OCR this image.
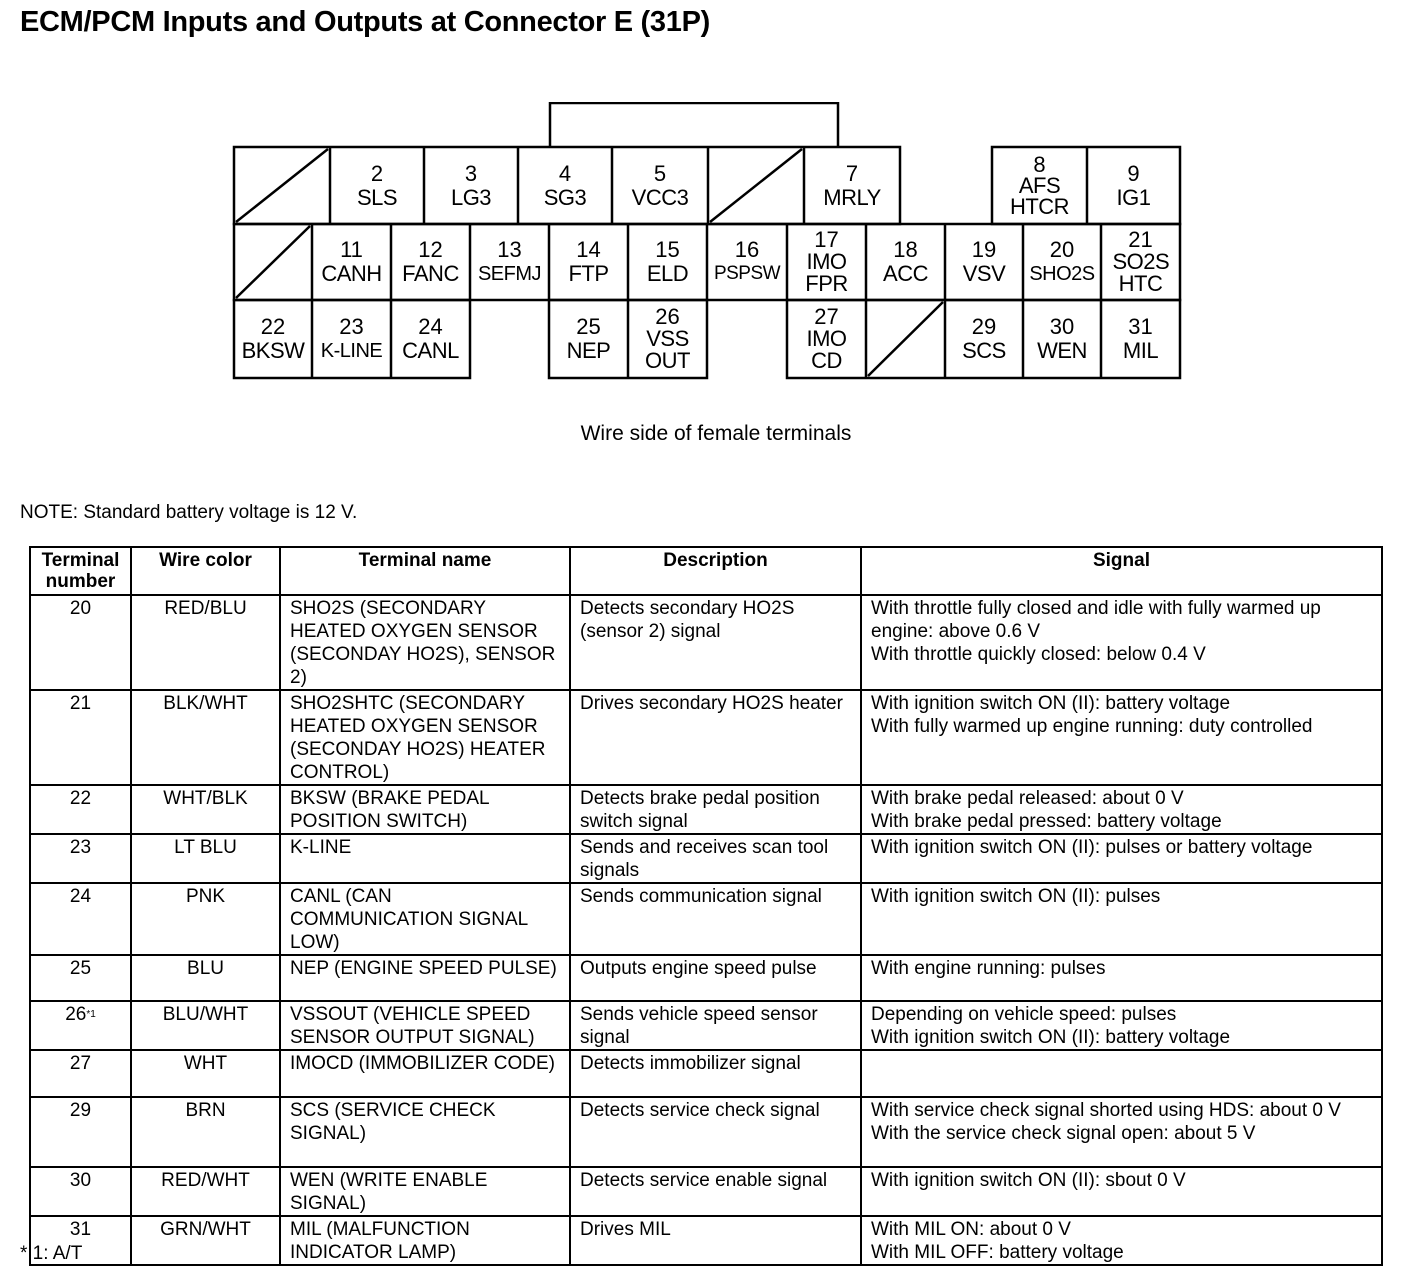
ECM/PCM Inputs and Outputs at Connector E (31P)
2
SLS
3
LG3
4
SG3
5
VCC3
7
MRLY
8
AFS HTCR
9
IG1
11
CANH
12
FANC
13
SEFMJ
14
FTP
15
ELD
16
PSPSW
17
IMO FPR
18
ACC
19
VSV
20
SHO2S
21
SO2S HTC
22
BKSW
23
K-LINE
24
CANL
25
NEP
26
VSS OUT
27
IMO CD
29
SCS
30
WEN
31
MIL
Wire side of female terminals
NOTE: Standard battery voltage is 12 V.
Terminal number	Wire color	Terminal name	Description	Signal
20	RED/BLU	SHO2S (SECONDARY HEATED OXYGEN SENSOR (SECONDAY HO2S), SENSOR 2)	Detects secondary HO2S (sensor 2) signal	With throttle fully closed and idle with fully warmed up engine: above 0.6 V
With throttle quickly closed: below 0.4 V

21	BLK/WHT	SHO2SHTC (SECONDARY HEATED OXYGEN SENSOR (SECONDAY HO2S) HEATER CONTROL)	Drives secondary HO2S heater	With ignition switch ON (II): battery voltage
With fully warmed up engine running: duty controlled

22	WHT/BLK	BKSW (BRAKE PEDAL POSITION SWITCH)	Detects brake pedal position switch signal	With brake pedal released: about 0 V
With brake pedal pressed: battery voltage

23	LT BLU	K-LINE	Sends and receives scan tool signals	With ignition switch ON (II): pulses or battery voltage

24	PNK	CANL (CAN COMMUNICATION SIGNAL LOW)	Sends communication signal	With ignition switch ON (II): pulses

25	BLU	NEP (ENGINE SPEED PULSE)	Outputs engine speed pulse	With engine running: pulses

26$^{*1}$	BLU/WHT	VSSOUT (VEHICLE SPEED SENSOR OUTPUT SIGNAL)	Sends vehicle speed sensor signal	Depending on vehicle speed: pulses
With ignition switch ON (II): battery voltage

27	WHT	IMOCD (IMMOBILIZER CODE)	Detects immobilizer signal	
29	BRN	SCS (SERVICE CHECK SIGNAL)	Detects service check signal	With service check signal shorted using HDS: about 0 V
With the service check signal open: about 5 V

30	RED/WHT	WEN (WRITE ENABLE SIGNAL)	Detects service enable signal	With ignition switch ON (II): sbout 0 V

31	GRN/WHT	MIL (MALFUNCTION INDICATOR LAMP)	Drives MIL	With MIL ON: about 0 V
With MIL OFF: battery voltage
* 1: A/T
